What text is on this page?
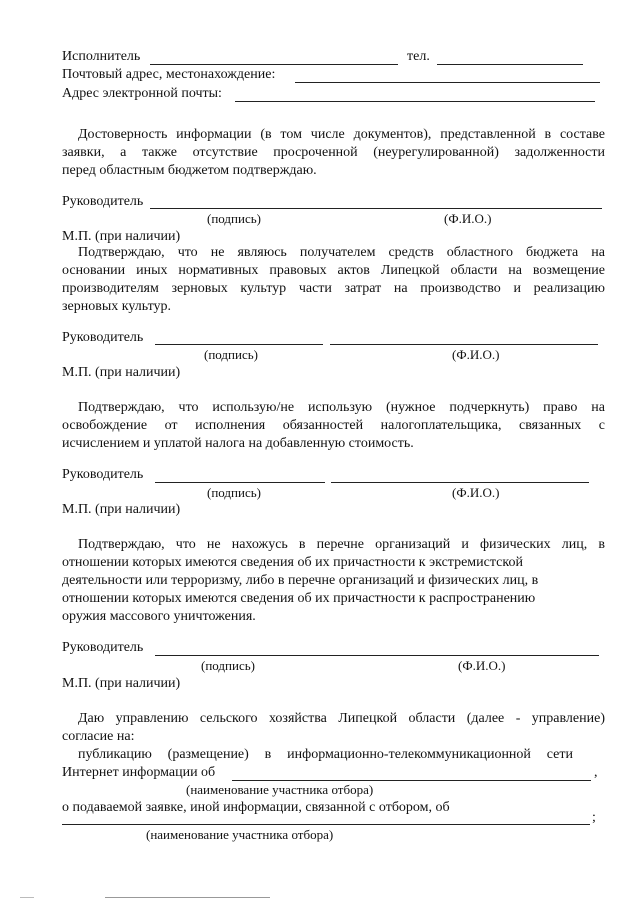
Исполнитель	тел.
Почтовый адрес, местонахождение:
Адрес электронной почты:
Достоверность информации (в том числе документов), представленной в составе
заявки, а также отсутствие просроченной (неурегулированной) задолженности
перед областным бюджетом подтверждаю.
Руководитель
(подпись)	(Ф.И.О.)
М.П. (при наличии)
Подтверждаю, что не являюсь получателем средств областного бюджета на
основании иных нормативных правовых актов Липецкой области на возмещение
производителям зерновых культур части затрат на производство и реализацию
зерновых культур.
Руководитель
(подпись)	(Ф.И.О.)
М.П. (при наличии)
Подтверждаю, что использую/не использую (нужное подчеркнуть) право на
освобождение от исполнения обязанностей налогоплательщика, связанных с
исчислением и уплатой налога на добавленную стоимость.
Руководитель
(подпись)	(Ф.И.О.)
М.П. (при наличии)
Подтверждаю, что не нахожусь в перечне организаций и физических лиц, в
отношении которых имеются сведения об их причастности к экстремистской
деятельности или терроризму, либо в перечне организаций и физических лиц, в
отношении которых имеются сведения об их причастности к распространению
оружия массового уничтожения.
Руководитель
(подпись)	(Ф.И.О.)
М.П. (при наличии)
Даю управлению сельского хозяйства Липецкой области (далее - управление)
согласие на:
публикацию (размещение) в информационно-телекоммуникационной сети
Интернет информации об	,
(наименование участника отбора)
о подаваемой заявке, иной информации, связанной с отбором, об
;
(наименование участника отбора)
